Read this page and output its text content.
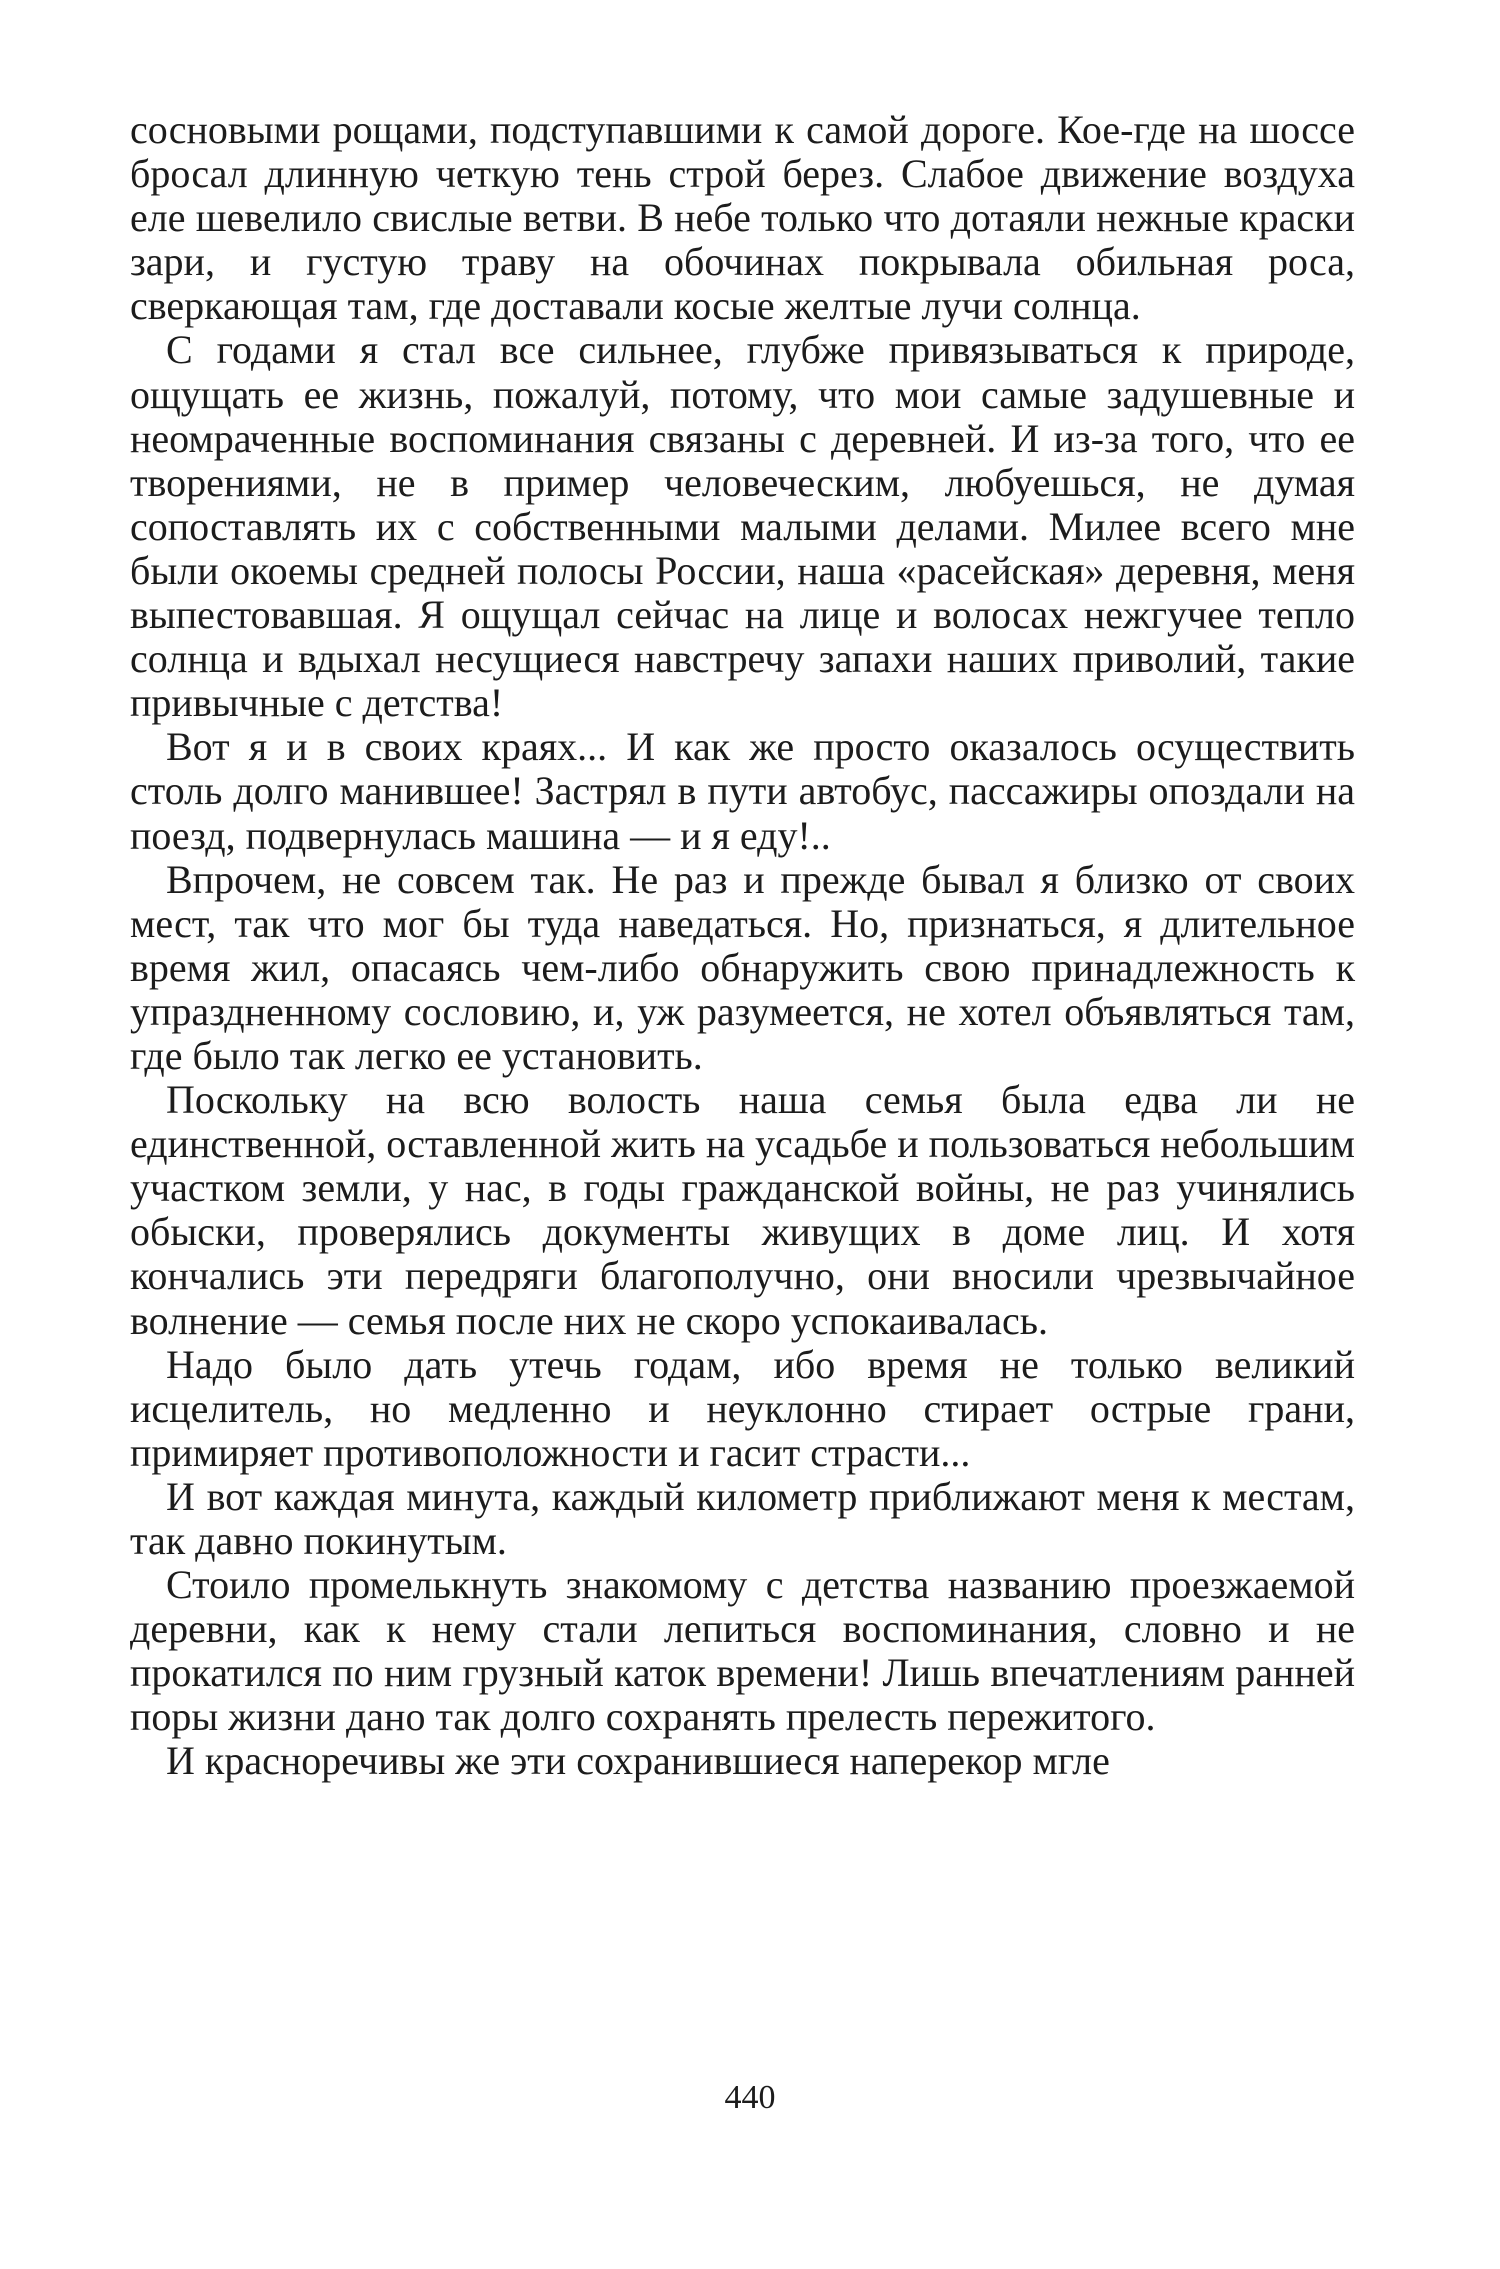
сосновыми рощами, подступавшими к самой дороге. Кое-где на шоссе бросал длинную четкую тень строй берез. Слабое движение воздуха еле шевелило свислые ветви. В небе только что дотаяли нежные краски зари, и густую траву на обочинах покрывала обильная роса, сверкающая там, где доставали косые желтые лучи солнца.

С годами я стал все сильнее, глубже привязываться к природе, ощущать ее жизнь, пожалуй, потому, что мои самые задушевные и неомраченные воспоминания связаны с деревней. И из-за того, что ее творениями, не в пример человеческим, любуешься, не думая сопоставлять их с собственными малыми делами. Милее всего мне были окоемы средней полосы России, наша «расейская» деревня, меня выпестовавшая. Я ощущал сейчас на лице и волосах нежгучее тепло солнца и вдыхал несущиеся навстречу запахи наших приволий, такие привычные с детства!

Вот я и в своих краях... И как же просто оказалось осуществить столь долго манившее! Застрял в пути автобус, пассажиры опоздали на поезд, подвернулась машина — и я еду!..

Впрочем, не совсем так. Не раз и прежде бывал я близко от своих мест, так что мог бы туда наведаться. Но, признаться, я длительное время жил, опасаясь чем-либо обнаружить свою принадлежность к упраздненному сословию, и, уж разумеется, не хотел объявляться там, где было так легко ее установить.

Поскольку на всю волость наша семья была едва ли не единственной, оставленной жить на усадьбе и пользоваться небольшим участком земли, у нас, в годы гражданской войны, не раз учинялись обыски, проверялись документы живущих в доме лиц. И хотя кончались эти передряги благополучно, они вносили чрезвычайное волнение — семья после них не скоро успокаивалась.

Надо было дать утечь годам, ибо время не только великий исцелитель, но медленно и неуклонно стирает острые грани, примиряет противоположности и гасит страсти...

И вот каждая минута, каждый километр приближают меня к местам, так давно покинутым.

Стоило промелькнуть знакомому с детства названию проезжаемой деревни, как к нему стали лепиться воспоминания, словно и не прокатился по ним грузный каток времени! Лишь впечатлениям ранней поры жизни дано так долго сохранять прелесть пережитого.

И красноречивы же эти сохранившиеся наперекор мгле

440
